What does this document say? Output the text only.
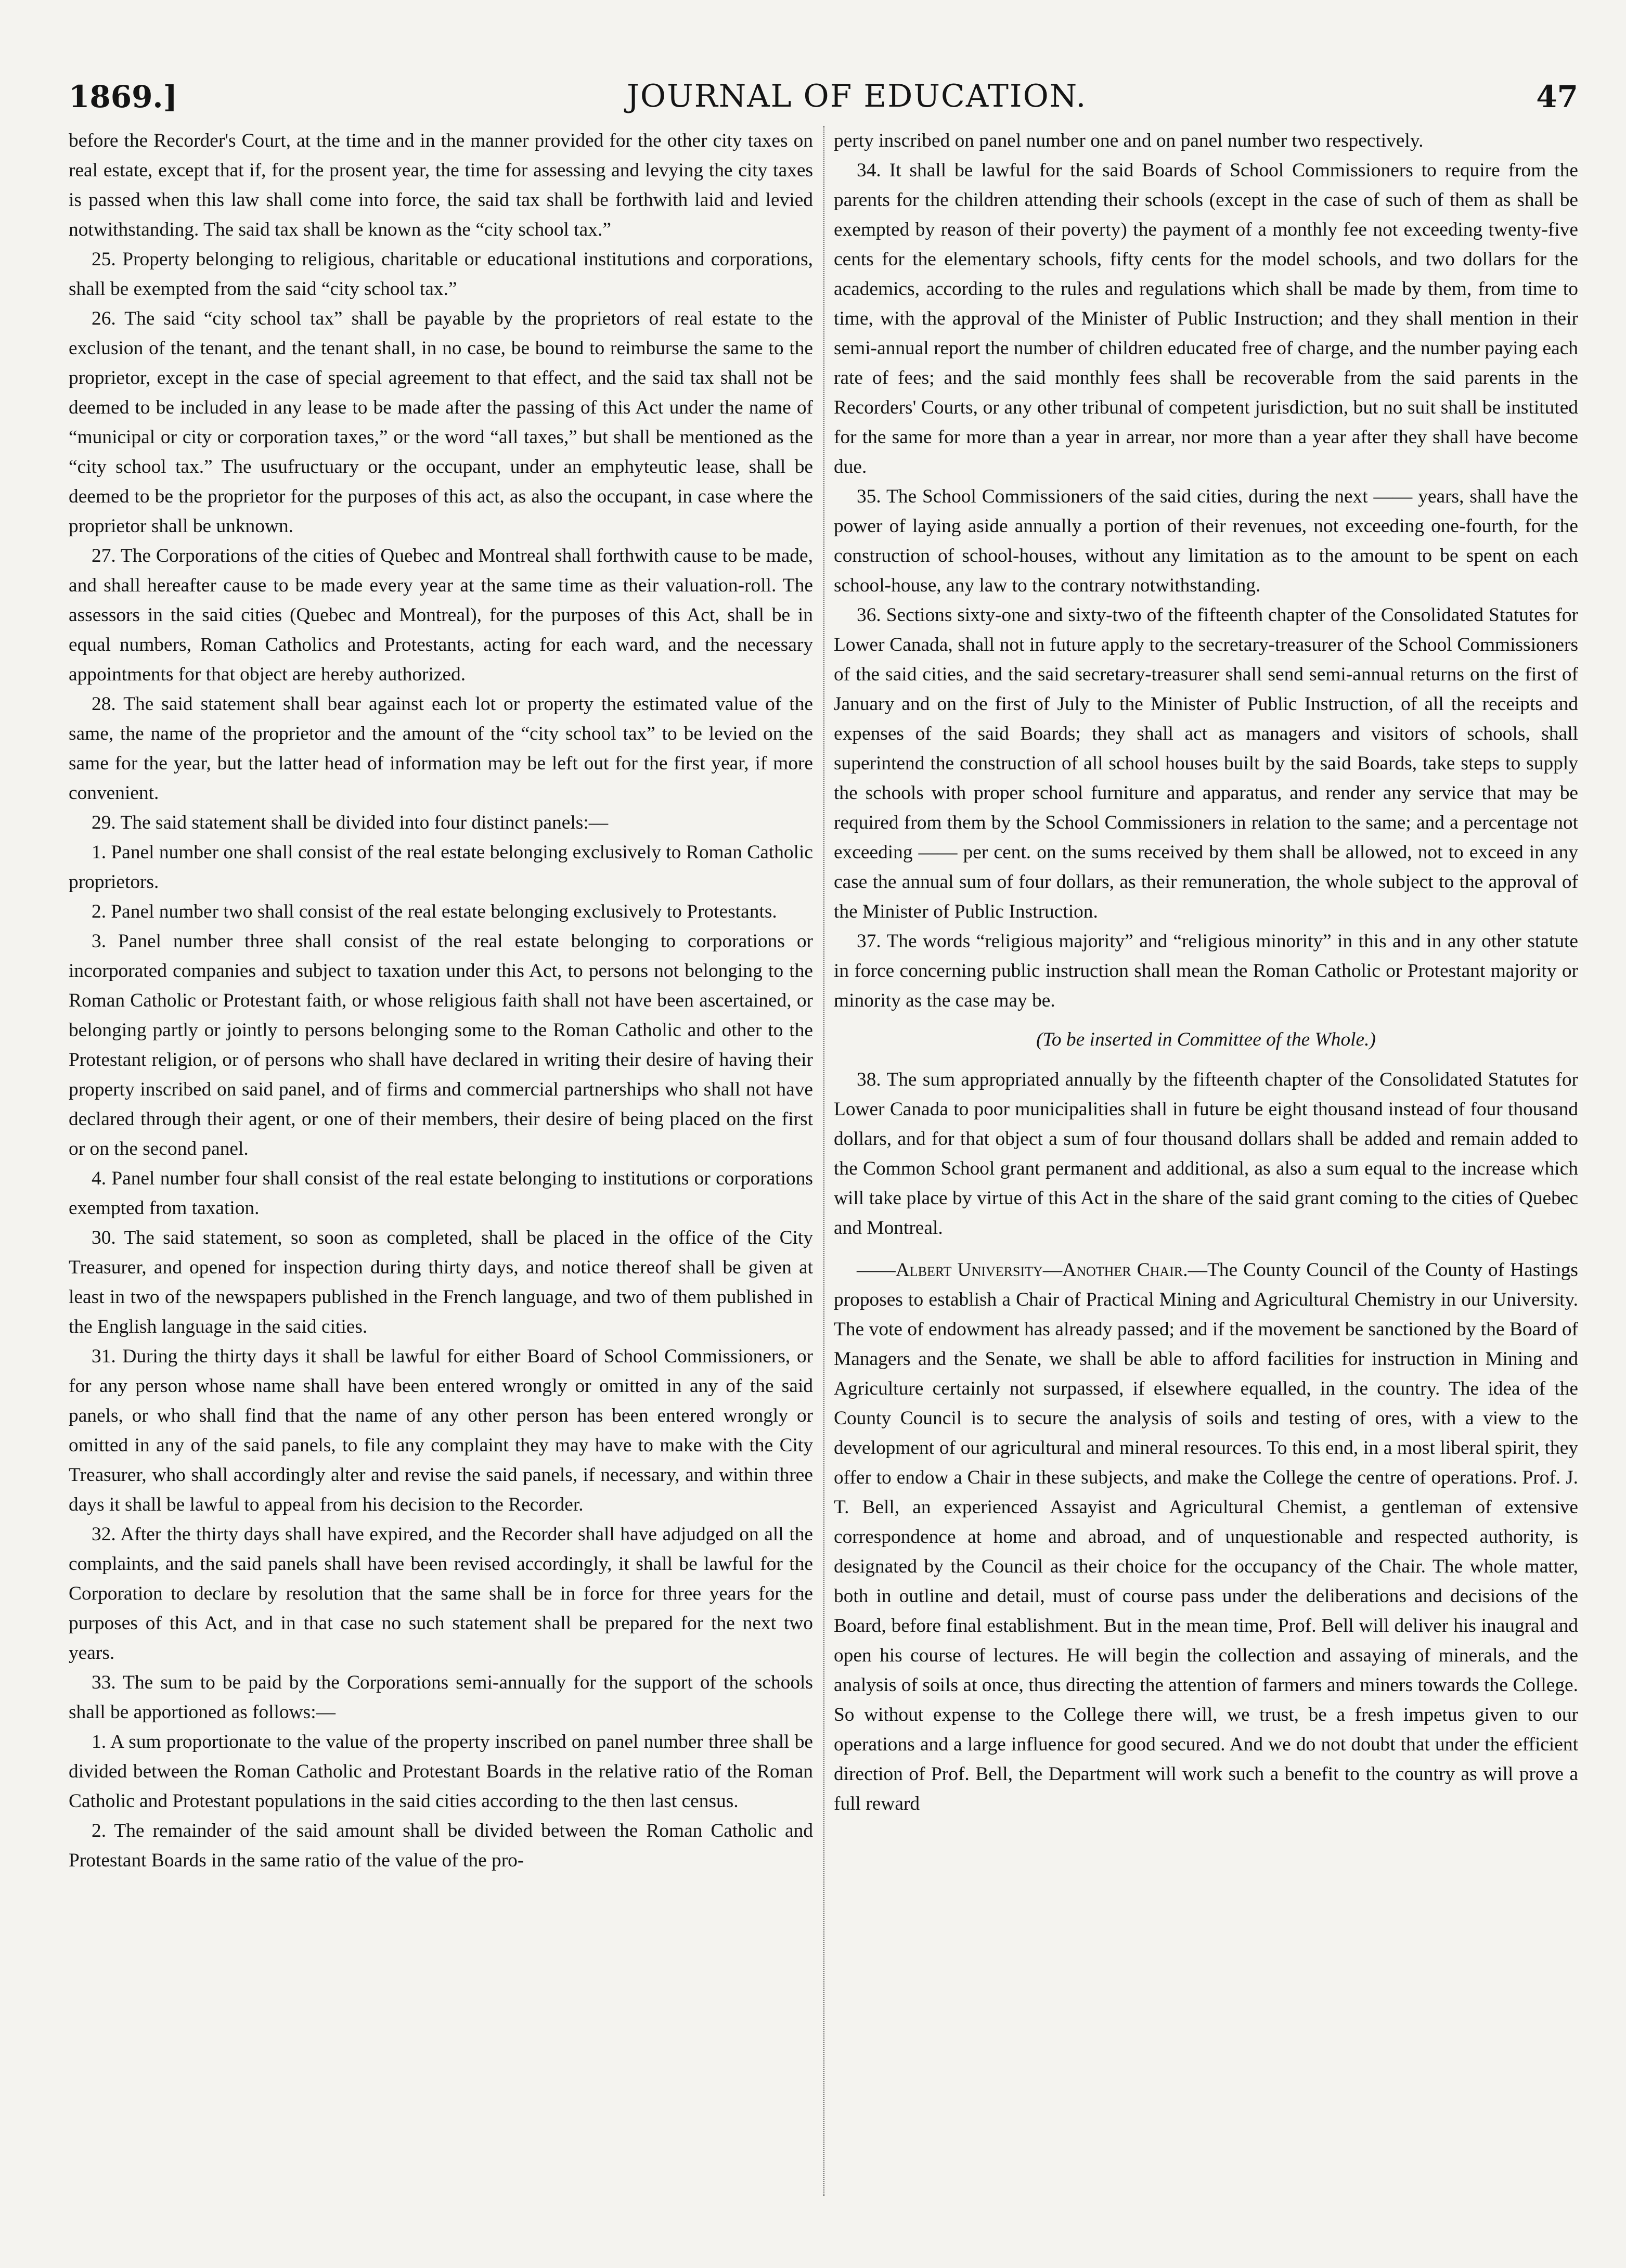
1869.]	JOURNAL OF EDUCATION.	47

before the Recorder's Court, at the time and in the manner provided for the other city taxes on real estate, except that if, for the prosent year, the time for assessing and levying the city taxes is passed when this law shall come into force, the said tax shall be forthwith laid and levied notwithstanding. The said tax shall be known as the “city school tax.”

25. Property belonging to religious, charitable or educational institutions and corporations, shall be exempted from the said “city school tax.”

26. The said “city school tax” shall be payable by the proprietors of real estate to the exclusion of the tenant, and the tenant shall, in no case, be bound to reimburse the same to the proprietor, except in the case of special agreement to that effect, and the said tax shall not be deemed to be included in any lease to be made after the passing of this Act under the name of “municipal or city or corporation taxes,” or the word “all taxes,” but shall be mentioned as the “city school tax.” The usufructuary or the occupant, under an emphyteutic lease, shall be deemed to be the proprietor for the purposes of this act, as also the occupant, in case where the proprietor shall be unknown.

27. The Corporations of the cities of Quebec and Montreal shall forthwith cause to be made, and shall hereafter cause to be made every year at the same time as their valuation-roll. The assessors in the said cities (Quebec and Montreal), for the purposes of this Act, shall be in equal numbers, Roman Catholics and Protestants, acting for each ward, and the necessary appointments for that object are hereby authorized.

28. The said statement shall bear against each lot or property the estimated value of the same, the name of the proprietor and the amount of the “city school tax” to be levied on the same for the year, but the latter head of information may be left out for the first year, if more convenient.

29. The said statement shall be divided into four distinct panels:—

1. Panel number one shall consist of the real estate belonging exclusively to Roman Catholic proprietors.

2. Panel number two shall consist of the real estate belonging exclusively to Protestants.

3. Panel number three shall consist of the real estate belonging to corporations or incorporated companies and subject to taxation under this Act, to persons not belonging to the Roman Catholic or Protestant faith, or whose religious faith shall not have been ascertained, or belonging partly or jointly to persons belonging some to the Roman Catholic and other to the Protestant religion, or of persons who shall have declared in writing their desire of having their property inscribed on said panel, and of firms and commercial partnerships who shall not have declared through their agent, or one of their members, their desire of being placed on the first or on the second panel.

4. Panel number four shall consist of the real estate belonging to institutions or corporations exempted from taxation.

30. The said statement, so soon as completed, shall be placed in the office of the City Treasurer, and opened for inspection during thirty days, and notice thereof shall be given at least in two of the newspapers published in the French language, and two of them published in the English language in the said cities.

31. During the thirty days it shall be lawful for either Board of School Commissioners, or for any person whose name shall have been entered wrongly or omitted in any of the said panels, or who shall find that the name of any other person has been entered wrongly or omitted in any of the said panels, to file any complaint they may have to make with the City Treasurer, who shall accordingly alter and revise the said panels, if necessary, and within three days it shall be lawful to appeal from his decision to the Recorder.

32. After the thirty days shall have expired, and the Recorder shall have adjudged on all the complaints, and the said panels shall have been revised accordingly, it shall be lawful for the Corporation to declare by resolution that the same shall be in force for three years for the purposes of this Act, and in that case no such statement shall be prepared for the next two years.

33. The sum to be paid by the Corporations semi-annually for the support of the schools shall be apportioned as follows:—

1. A sum proportionate to the value of the property inscribed on panel number three shall be divided between the Roman Catholic and Protestant Boards in the relative ratio of the Roman Catholic and Protestant populations in the said cities according to the then last census.

2. The remainder of the said amount shall be divided between the Roman Catholic and Protestant Boards in the same ratio of the value of the pro-

perty inscribed on panel number one and on panel number two respectively.

34. It shall be lawful for the said Boards of School Commissioners to require from the parents for the children attending their schools (except in the case of such of them as shall be exempted by reason of their poverty) the payment of a monthly fee not exceeding twenty-five cents for the elementary schools, fifty cents for the model schools, and two dollars for the academics, according to the rules and regulations which shall be made by them, from time to time, with the approval of the Minister of Public Instruction; and they shall mention in their semi-annual report the number of children educated free of charge, and the number paying each rate of fees; and the said monthly fees shall be recoverable from the said parents in the Recorders' Courts, or any other tribunal of competent jurisdiction, but no suit shall be instituted for the same for more than a year in arrear, nor more than a year after they shall have become due.

35. The School Commissioners of the said cities, during the next —— years, shall have the power of laying aside annually a portion of their revenues, not exceeding one-fourth, for the construction of school-houses, without any limitation as to the amount to be spent on each school-house, any law to the contrary notwithstanding.

36. Sections sixty-one and sixty-two of the fifteenth chapter of the Consolidated Statutes for Lower Canada, shall not in future apply to the secretary-treasurer of the School Commissioners of the said cities, and the said secretary-treasurer shall send semi-annual returns on the first of January and on the first of July to the Minister of Public Instruction, of all the receipts and expenses of the said Boards; they shall act as managers and visitors of schools, shall superintend the construction of all school houses built by the said Boards, take steps to supply the schools with proper school furniture and apparatus, and render any service that may be required from them by the School Commissioners in relation to the same; and a percentage not exceeding —— per cent. on the sums received by them shall be allowed, not to exceed in any case the annual sum of four dollars, as their remuneration, the whole subject to the approval of the Minister of Public Instruction.

37. The words “religious majority” and “religious minority” in this and in any other statute in force concerning public instruction shall mean the Roman Catholic or Protestant majority or minority as the case may be.

(To be inserted in Committee of the Whole.)

38. The sum appropriated annually by the fifteenth chapter of the Consolidated Statutes for Lower Canada to poor municipalities shall in future be eight thousand instead of four thousand dollars, and for that object a sum of four thousand dollars shall be added and remain added to the Common School grant permanent and additional, as also a sum equal to the increase which will take place by virtue of this Act in the share of the said grant coming to the cities of Quebec and Montreal.

——Albert University—Another Chair.—The County Council of the County of Hastings proposes to establish a Chair of Practical Mining and Agricultural Chemistry in our University. The vote of endowment has already passed; and if the movement be sanctioned by the Board of Managers and the Senate, we shall be able to afford facilities for instruction in Mining and Agriculture certainly not surpassed, if elsewhere equalled, in the country. The idea of the County Council is to secure the analysis of soils and testing of ores, with a view to the development of our agricultural and mineral resources. To this end, in a most liberal spirit, they offer to endow a Chair in these subjects, and make the College the centre of operations. Prof. J. T. Bell, an experienced Assayist and Agricultural Chemist, a gentleman of extensive correspondence at home and abroad, and of unquestionable and respected authority, is designated by the Council as their choice for the occupancy of the Chair. The whole matter, both in outline and detail, must of course pass under the deliberations and decisions of the Board, before final establishment. But in the mean time, Prof. Bell will deliver his inaugral and open his course of lectures. He will begin the collection and assaying of minerals, and the analysis of soils at once, thus directing the attention of farmers and miners towards the College. So without expense to the College there will, we trust, be a fresh impetus given to our operations and a large influence for good secured. And we do not doubt that under the efficient direction of Prof. Bell, the Department will work such a benefit to the country as will prove a full reward
